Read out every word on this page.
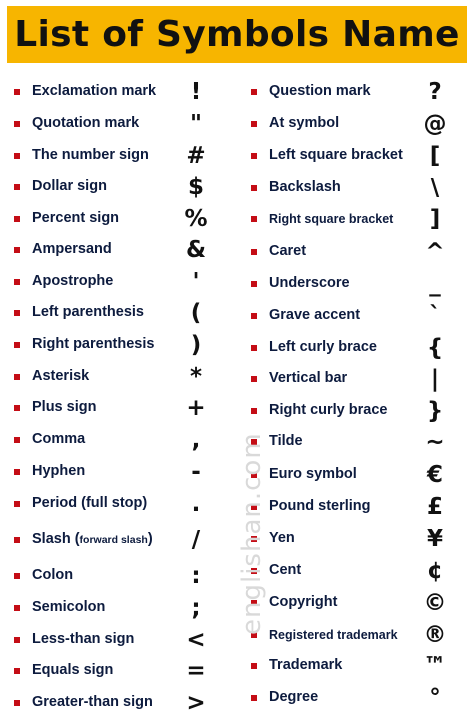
List of Symbols Name
Exclamation mark	!
Quotation mark	"
The number sign	#
Dollar sign	$
Percent sign	%
Ampersand	&
Apostrophe	'
Left parenthesis	(
Right parenthesis	)
Asterisk	*
Plus sign	+
Comma	,
Hyphen	-
Period (full stop)	.
Slash (forward slash)	/
Colon	:
Semicolon	;
Less-than sign	<
Equals sign	=
Greater-than sign	>
Question mark	?
At symbol	@
Left square bracket	[
Backslash	\
Right square bracket	]
Caret	^
Underscore	_
Grave accent	`
Left curly brace	{
Vertical bar	|
Right curly brace	}
Tilde	~
Euro symbol	€
Pound sterling	£
Yen	¥
Cent	¢
Copyright	©
Registered trademark	®
Trademark	™
Degree	°
englishan.com
